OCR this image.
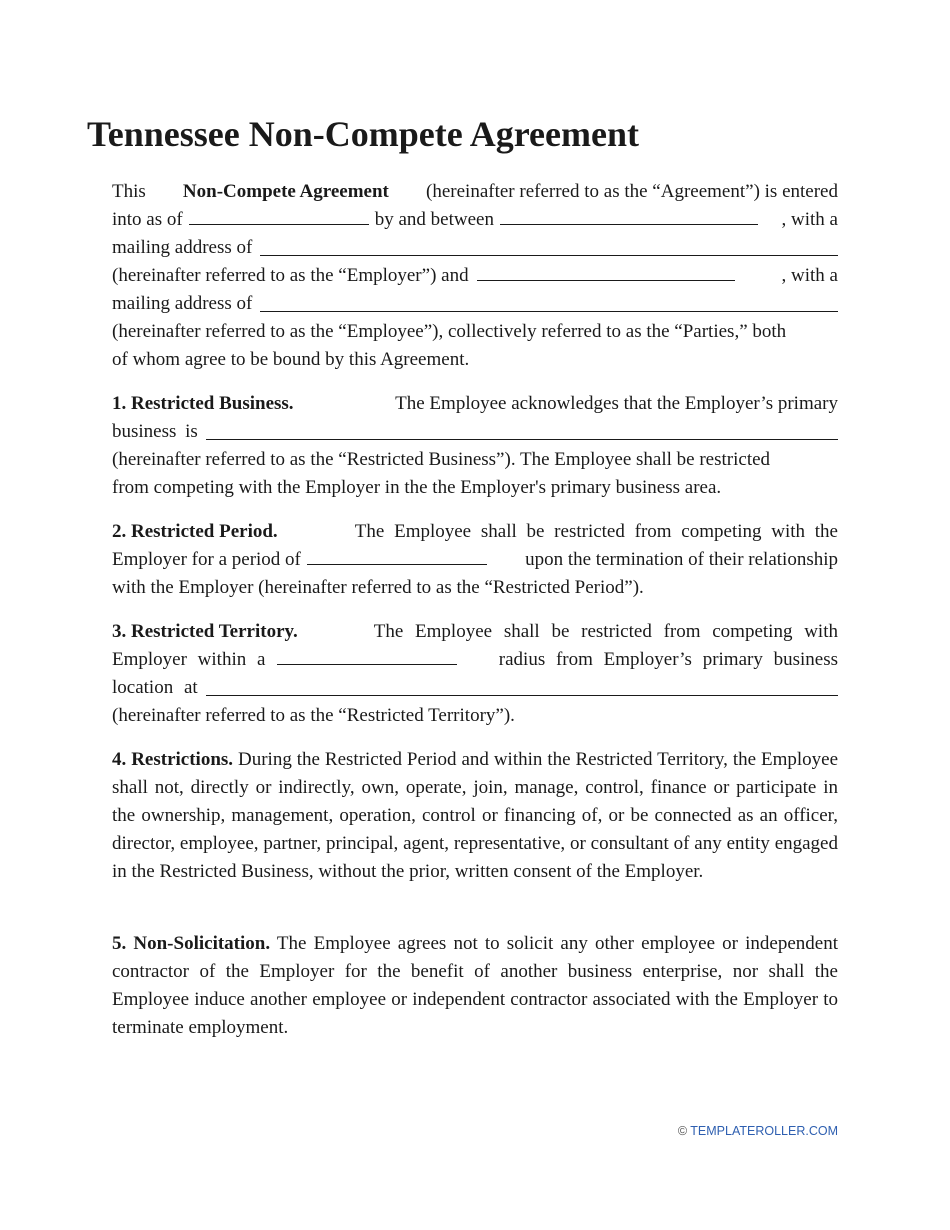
Tennessee Non-Compete Agreement
This Non-Compete Agreement (hereinafter referred to as the “Agreement”) is entered
into as of	by and between	, with a
mailing address of
(hereinafter referred to as the “Employer”) and	, with a
mailing address of
(hereinafter referred to as the “Employee”), collectively referred to as the “Parties,” both
of whom agree to be bound by this Agreement.
1. Restricted Business.	The Employee acknowledges that the Employer’s primary
business is
(hereinafter referred to as the “Restricted Business”). The Employee shall be restricted
from competing with the Employer in the the Employer's primary business area.
2. Restricted Period.	The Employee shall be restricted from competing with the
Employer for a period of	upon the termination of their relationship
with the Employer (hereinafter referred to as the “Restricted Period”).
3. Restricted Territory.	The Employee shall be restricted from competing with
Employer within a	radius from Employer’s primary business
location at
(hereinafter referred to as the “Restricted Territory”).
4. Restrictions. During the Restricted Period and within the Restricted Territory, the Employee shall not, directly or indirectly, own, operate, join, manage, control, finance or participate in the ownership, management, operation, control or financing of, or be connected as an officer, director, employee, partner, principal, agent, representative, or consultant of any entity engaged in the Restricted Business, without the prior, written consent of the Employer.
5. Non-Solicitation. The Employee agrees not to solicit any other employee or independent contractor of the Employer for the benefit of another business enterprise, nor shall the Employee induce another employee or independent contractor associated with the Employer to terminate employment.
© TEMPLATEROLLER.COM
